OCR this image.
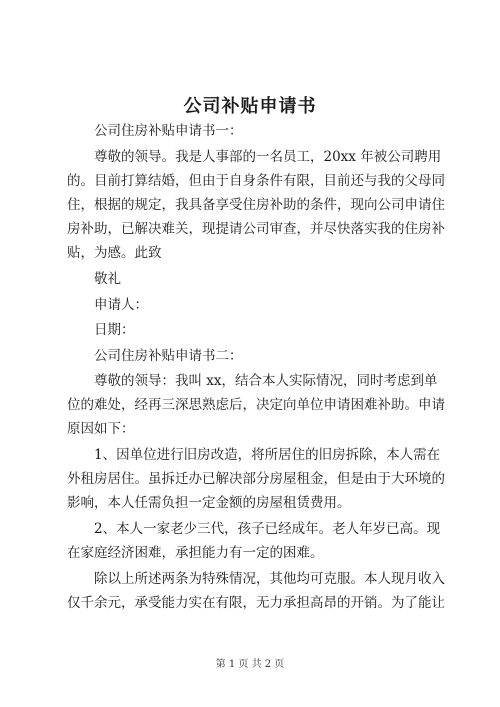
公司补贴申请书
公司住房补贴申请书一：
尊敬的领导。我是人事部的一名员工，20xx 年被公司聘用
的。目前打算结婚，但由于自身条件有限，目前还与我的父母同
住，根据的规定，我具备享受住房补助的条件，现向公司申请住
房补助，已解决难关，现提请公司审查，并尽快落实我的住房补
贴，为感。此致
敬礼
申请人：
日期：
公司住房补贴申请书二：
尊敬的领导：我叫 xx，结合本人实际情况，同时考虑到单
位的难处，经再三深思熟虑后，决定向单位申请困难补助。申请
原因如下：
1、因单位进行旧房改造，将所居住的旧房拆除，本人需在
外租房居住。虽拆迁办已解决部分房屋租金，但是由于大环境的
影响，本人任需负担一定金额的房屋租赁费用。
2、本人一家老少三代，孩子已经成年。老人年岁已高。现
在家庭经济困难，承担能力有一定的困难。
除以上所述两条为特殊情况，其他均可克服。本人现月收入
仅千余元，承受能力实在有限，无力承担高昂的开销。为了能让
第 1 页 共 2 页
